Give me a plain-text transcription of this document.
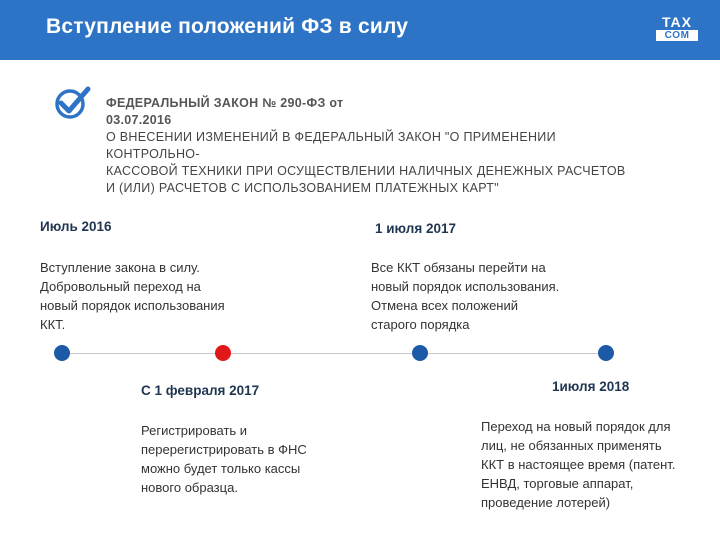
Вступление положений ФЗ в силу	TAX
COM
ФЕДЕРАЛЬНЫЙ ЗАКОН № 290-ФЗ от
03.07.2016
О ВНЕСЕНИИ ИЗМЕНЕНИЙ В ФЕДЕРАЛЬНЫЙ ЗАКОН "О ПРИМЕНЕНИИ
КОНТРОЛЬНО-
КАССОВОЙ ТЕХНИКИ ПРИ ОСУЩЕСТВЛЕНИИ НАЛИЧНЫХ ДЕНЕЖНЫХ РАСЧЕТОВ
И (ИЛИ) РАСЧЕТОВ С ИСПОЛЬЗОВАНИЕМ ПЛАТЕЖНЫХ КАРТ"
Июль 2016
Вступление закона в силу.
Добровольный переход на
новый порядок использования
ККТ.
1 июля 2017
Все ККТ обязаны перейти на
новый порядок использования.
Отмена всех положений
старого порядка
С 1 февраля 2017
Регистрировать и
перерегистрировать в ФНС
можно будет только кассы
нового образца.
1июля 2018
Переход на новый порядок для
лиц, не обязанных применять
ККТ в настоящее время (патент.
ЕНВД, торговые аппарат,
проведение лотерей)
